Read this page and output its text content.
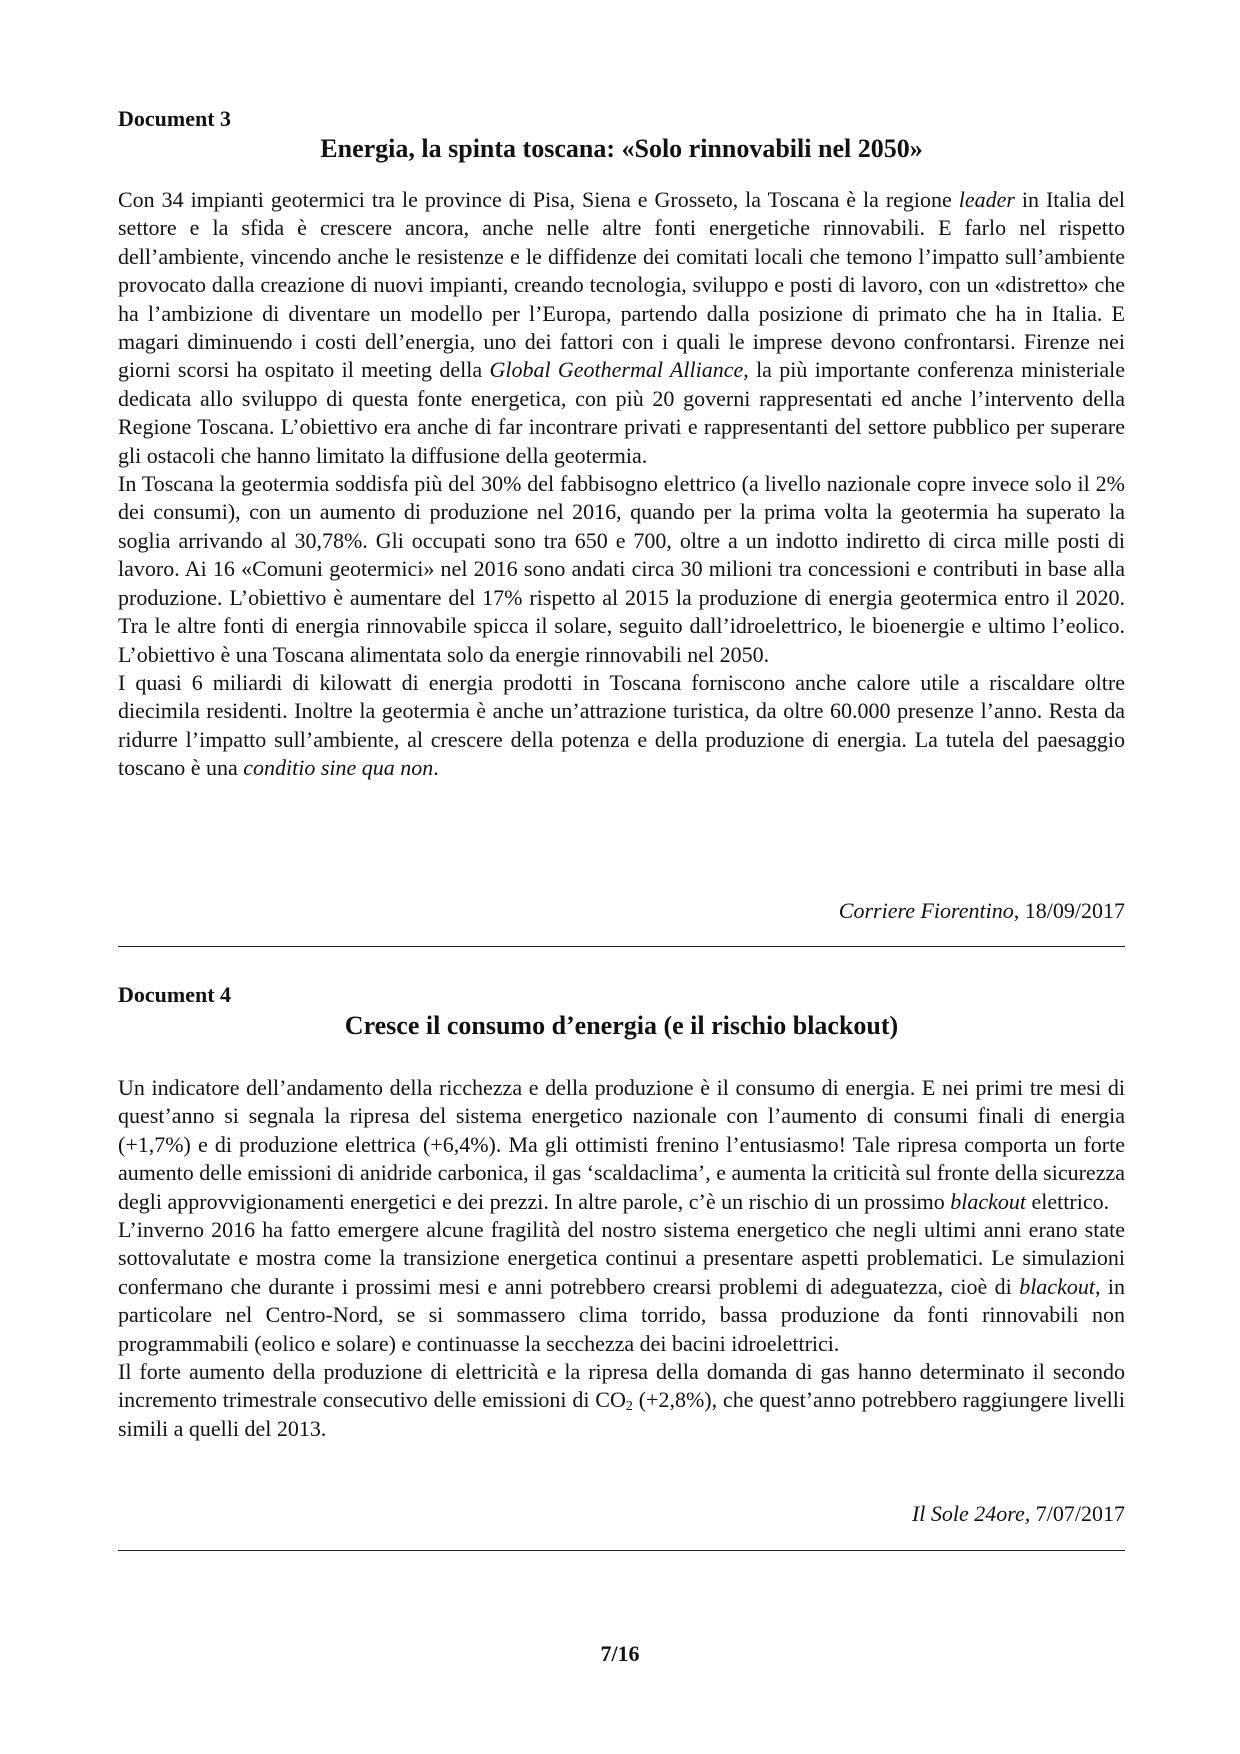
Document 3
Energia, la spinta toscana: «Solo rinnovabili nel 2050»

Con 34 impianti geotermici tra le province di Pisa, Siena e Grosseto, la Toscana è la regione leader in Italia del settore e la sfida è crescere ancora, anche nelle altre fonti energetiche rinnovabili. E farlo nel rispetto dell’ambiente, vincendo anche le resistenze e le diffidenze dei comitati locali che temono l’impatto sull’ambiente provocato dalla creazione di nuovi impianti, creando tecnologia, sviluppo e posti di lavoro, con un «distretto» che ha l’ambizione di diventare un modello per l’Europa, partendo dalla posizione di primato che ha in Italia. E magari diminuendo i costi dell’energia, uno dei fattori con i quali le imprese devono confrontarsi. Firenze nei giorni scorsi ha ospitato il meeting della Global Geothermal Alliance, la più importante conferenza ministeriale dedicata allo sviluppo di questa fonte energetica, con più 20 governi rappresentati ed anche l’intervento della Regione Toscana. L’obiettivo era anche di far incontrare privati e rappresentanti del settore pubblico per superare gli ostacoli che hanno limitato la diffusione della geotermia.

In Toscana la geotermia soddisfa più del 30% del fabbisogno elettrico (a livello nazionale copre invece solo il 2% dei consumi), con un aumento di produzione nel 2016, quando per la prima volta la geotermia ha superato la soglia arrivando al 30,78%. Gli occupati sono tra 650 e 700, oltre a un indotto indiretto di circa mille posti di lavoro. Ai 16 «Comuni geotermici» nel 2016 sono andati circa 30 milioni tra concessioni e contributi in base alla produzione. L’obiettivo è aumentare del 17% rispetto al 2015 la produzione di energia geotermica entro il 2020. Tra le altre fonti di energia rinnovabile spicca il solare, seguito dall’idroelettrico, le bioenergie e ultimo l’eolico. L’obiettivo è una Toscana alimentata solo da energie rinnovabili nel 2050.

I quasi 6 miliardi di kilowatt di energia prodotti in Toscana forniscono anche calore utile a riscaldare oltre diecimila residenti. Inoltre la geotermia è anche un’attrazione turistica, da oltre 60.000 presenze l’anno. Resta da ridurre l’impatto sull’ambiente, al crescere della potenza e della produzione di energia. La tutela del paesaggio toscano è una conditio sine qua non.

Corriere Fiorentino, 18/09/2017
Document 4
Cresce il consumo d’energia (e il rischio blackout)

Un indicatore dell’andamento della ricchezza e della produzione è il consumo di energia. E nei primi tre mesi di quest’anno si segnala la ripresa del sistema energetico nazionale con l’aumento di consumi finali di energia (+1,7%) e di produzione elettrica (+6,4%). Ma gli ottimisti frenino l’entusiasmo! Tale ripresa comporta un forte aumento delle emissioni di anidride carbonica, il gas ‘scaldaclima’, e aumenta la criticità sul fronte della sicurezza degli approvvigionamenti energetici e dei prezzi. In altre parole, c’è un rischio di un prossimo blackout elettrico.

L’inverno 2016 ha fatto emergere alcune fragilità del nostro sistema energetico che negli ultimi anni erano state sottovalutate e mostra come la transizione energetica continui a presentare aspetti problematici. Le simulazioni confermano che durante i prossimi mesi e anni potrebbero crearsi problemi di adeguatezza, cioè di blackout, in particolare nel Centro-Nord, se si sommassero clima torrido, bassa produzione da fonti rinnovabili non programmabili (eolico e solare) e continuasse la secchezza dei bacini idroelettrici.

Il forte aumento della produzione di elettricità e la ripresa della domanda di gas hanno determinato il secondo incremento trimestrale consecutivo delle emissioni di $CO_2$ (+2,8%), che quest’anno potrebbero raggiungere livelli simili a quelli del 2013.

Il Sole 24ore, 7/07/2017
7/16
